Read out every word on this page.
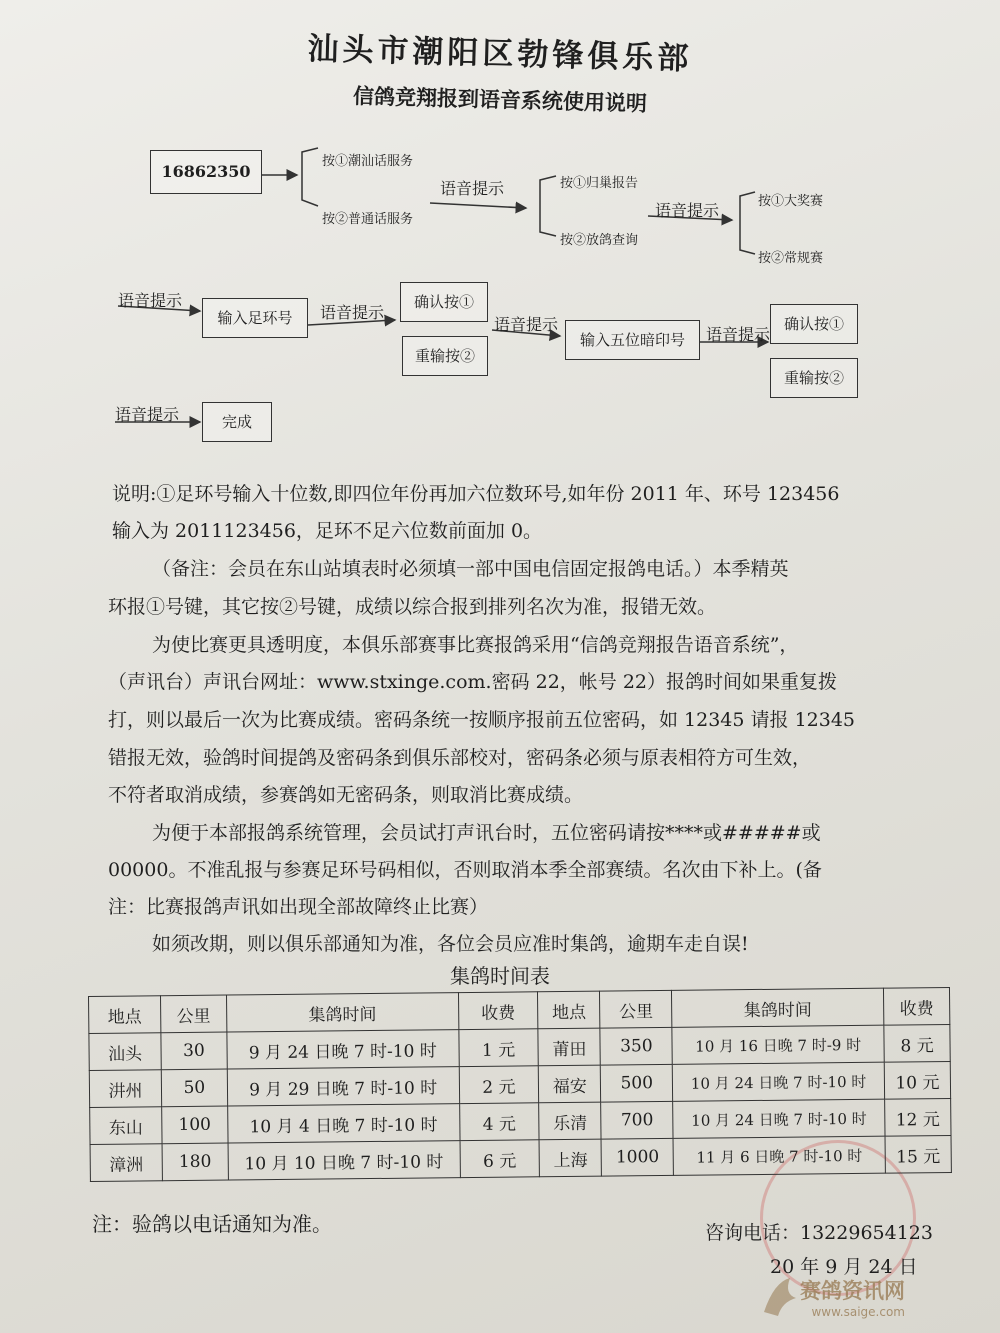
汕头市潮阳区勃锋俱乐部
信鸽竞翔报到语音系统使用说明
16862350
按①潮汕话服务
按②普通话服务
语音提示	按①归巢报告
按②放鸽查询
语音提示	按①大奖赛
按②常规赛
语音提示
输入足环号	语音提示
确认按①
重输按②
语音提示
输入五位暗印号	语音提示
确认按①
重输按②
语音提示	完成
说明:①足环号输入十位数,即四位年份再加六位数环号,如年份 2011 年、环号 123456
输入为 2011123456，足环不足六位数前面加 0。
（备注：会员在东山站填表时必须填一部中国电信固定报鸽电话。）本季精英
环报①号键，其它按②号键，成绩以综合报到排列名次为准，报错无效。
为使比赛更具透明度，本俱乐部赛事比赛报鸽采用“信鸽竞翔报告语音系统”，
（声讯台）声讯台网址：www.stxinge.com.密码 22，帐号 22）报鸽时间如果重复拨
打，则以最后一次为比赛成绩。密码条统一按顺序报前五位密码，如 12345 请报 12345
错报无效，验鸽时间提鸽及密码条到俱乐部校对，密码条必须与原表相符方可生效，
不符者取消成绩，参赛鸽如无密码条，则取消比赛成绩。
为便于本部报鸽系统管理，会员试打声讯台时，五位密码请按****或#####或
00000。不准乱报与参赛足环号码相似，否则取消本季全部赛绩。名次由下补上。(备
注：比赛报鸽声讯如出现全部故障终止比赛）
如须改期，则以俱乐部通知为准，各位会员应准时集鸽，逾期车走自误!
集鸽时间表
地点	公里	集鸽时间	收费	地点	公里	集鸽时间	收费
汕头	30	9 月 24 日晚 7 时-10 时	1 元	莆田	350	10 月 16 日晚 7 时-9 时	8 元
汫州	50	9 月 29 日晚 7 时-10 时	2 元	福安	500	10 月 24 日晚 7 时-10 时	10 元
东山	100	10 月 4 日晚 7 时-10 时	4 元	乐清	700	10 月 24 日晚 7 时-10 时	12 元
漳洲	180	10 月 10 日晚 7 时-10 时	6 元	上海	1000	11 月 6 日晚 7 时-10 时	15 元
注：验鸽以电话通知为准。	咨询电话：13229654123
20 年 9 月 24 日
赛鸽资讯网
www.saige.com
